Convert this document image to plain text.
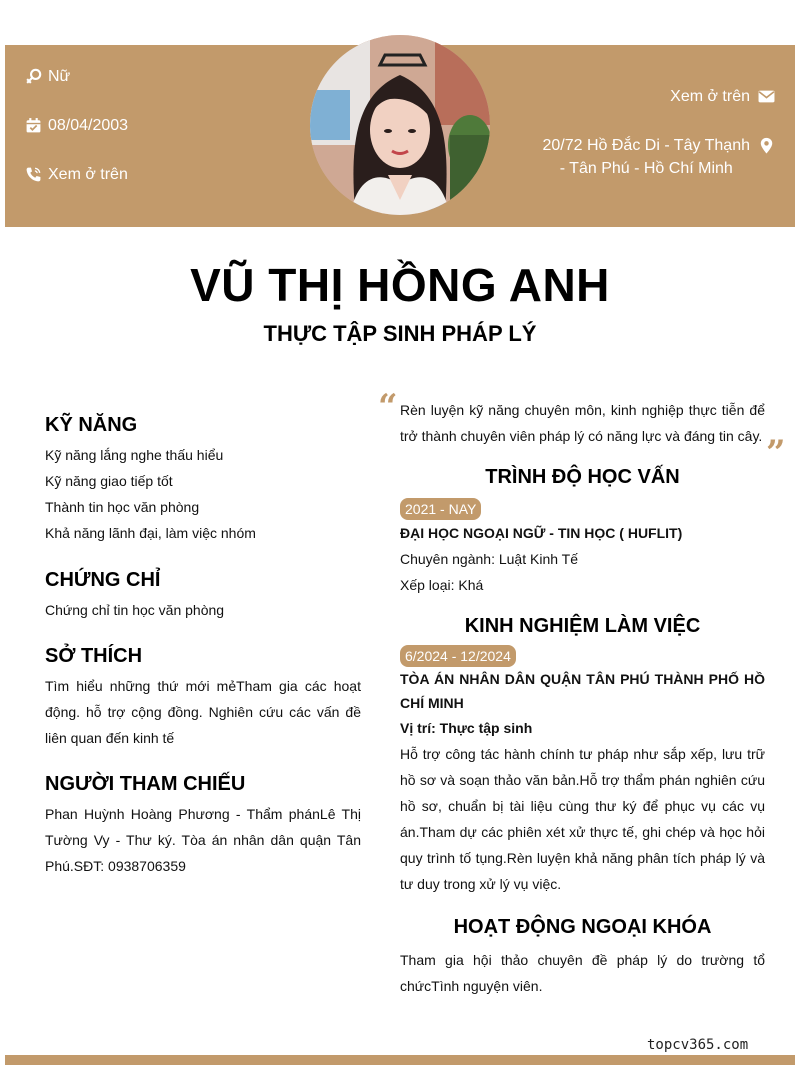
Nữ
08/04/2003
Xem ở trên
Xem ở trên
20/72 Hồ Đắc Di - Tây Thạnh
- Tân Phú - Hồ Chí Minh
VŨ THỊ HỒNG ANH
THỰC TẬP SINH PHÁP LÝ
KỸ NĂNG
Kỹ năng lắng nghe thấu hiểu
Kỹ năng giao tiếp tốt
Thành tin học văn phòng
Khả năng lãnh đại, làm việc nhóm
CHỨNG CHỈ
Chứng chỉ tin học văn phòng
SỞ THÍCH
Tìm hiểu những thứ mới mẻTham gia các hoạt động. hỗ trợ cộng đồng. Nghiên cứu các vấn đề liên quan đến kinh tế
NGƯỜI THAM CHIẾU
Phan Huỳnh Hoàng Phương - Thẩm phánLê Thị Tường Vy - Thư ký. Tòa án nhân dân quận Tân Phú.SĐT: 0938706359
“ Rèn luyện kỹ năng chuyên môn, kinh nghiệp thực tiễn để trở thành chuyên viên pháp lý có năng lực và đáng tin cây. ”
TRÌNH ĐỘ HỌC VẤN
2021 - NAY
ĐẠI HỌC NGOẠI NGỮ - TIN HỌC ( HUFLIT)
Chuyên ngành: Luật Kinh Tế
Xếp loại: Khá
KINH NGHIỆM LÀM VIỆC
6/2024 - 12/2024
TÒA ÁN NHÂN DÂN QUẬN TÂN PHÚ THÀNH PHỐ HỒ CHÍ MINH
Vị trí: Thực tập sinh
Hỗ trợ công tác hành chính tư pháp như sắp xếp, lưu trữ hồ sơ và soạn thảo văn bản.Hỗ trợ thẩm phán nghiên cứu hồ sơ, chuẩn bị tài liệu cùng thư ký để phục vụ các vụ án.Tham dự các phiên xét xử thực tế, ghi chép và học hỏi quy trình tố tụng.Rèn luyện khả năng phân tích pháp lý và tư duy trong xử lý vụ việc.
HOẠT ĐỘNG NGOẠI KHÓA
Tham gia hội thảo chuyên đề pháp lý do trường tổ chứcTình nguyện viên.
topcv365.com
